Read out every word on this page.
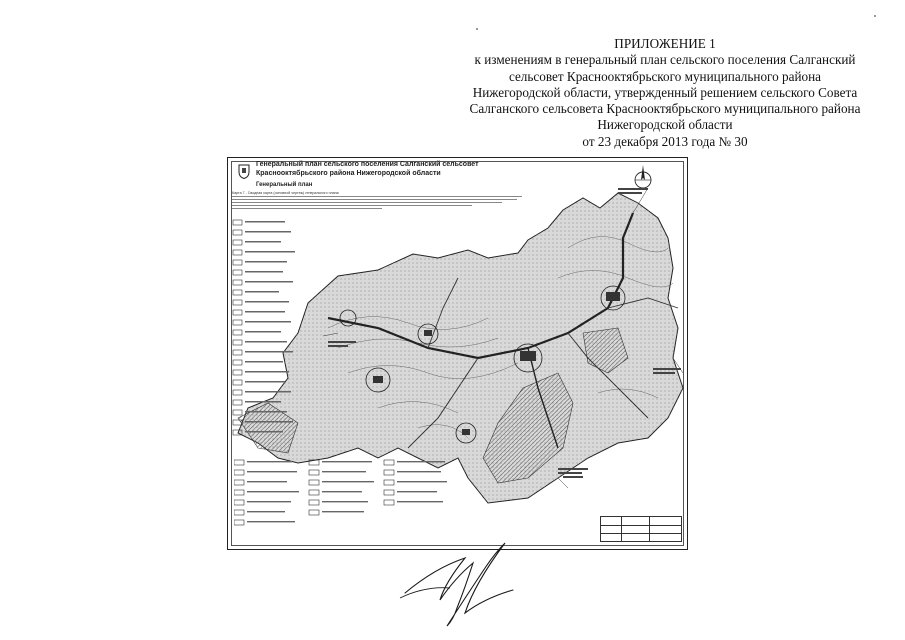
ПРИЛОЖЕНИЕ 1
к изменениям в генеральный план сельского поселения Салганский
сельсовет Краснооктябрьского муниципального района
Нижегородской области, утвержденный решением сельского Совета
Салганского сельсовета Краснооктябрьского муниципального района
Нижегородской области
от 23 декабря 2013 года № 30
Генеральный план сельского поселения Салганский сельсовет
Краснооктябрьского района Нижегородской области
Генеральный план
Карта 7 - Сводная карта (основной чертеж) генерального плана
